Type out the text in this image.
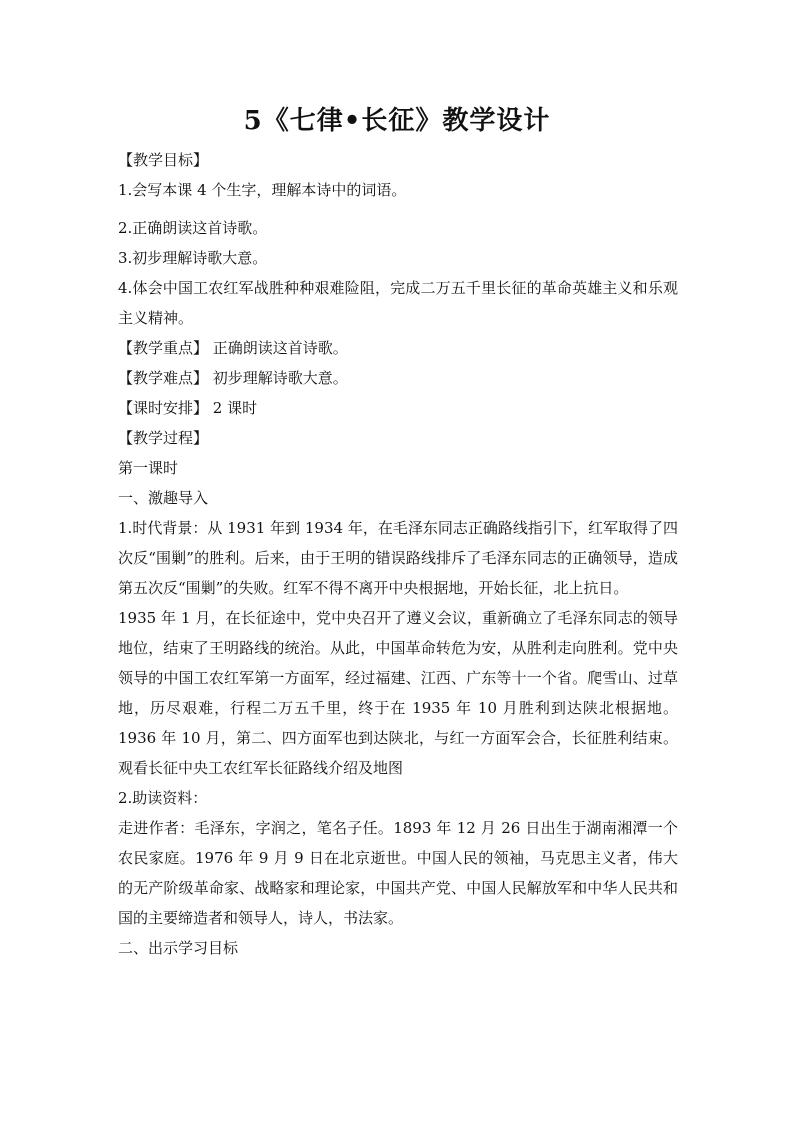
5《七律•长征》教学设计

【教学目标】

1.会写本课 4 个生字，理解本诗中的词语。

2.正确朗读这首诗歌。

3.初步理解诗歌大意。

4.体会中国工农红军战胜种种艰难险阻，完成二万五千里长征的革命英雄主义和乐观主义精神。

【教学重点】 正确朗读这首诗歌。

【教学难点】 初步理解诗歌大意。

【课时安排】 2 课时

【教学过程】

第一课时

一、激趣导入

1.时代背景：从 1931 年到 1934 年，在毛泽东同志正确路线指引下，红军取得了四次反“围剿”的胜利。后来，由于王明的错误路线排斥了毛泽东同志的正确领导，造成第五次反“围剿”的失败。红军不得不离开中央根据地，开始长征，北上抗日。

1935 年 1 月，在长征途中，党中央召开了遵义会议，重新确立了毛泽东同志的领导地位，结束了王明路线的统治。从此，中国革命转危为安，从胜利走向胜利。党中央领导的中国工农红军第一方面军，经过福建、江西、广东等十一个省。爬雪山、过草地，历尽艰难，行程二万五千里，终于在 1935 年 10 月胜利到达陕北根据地。1936 年 10 月，第二、四方面军也到达陕北，与红一方面军会合，长征胜利结束。 观看长征中央工农红军长征路线介绍及地图

2.助读资料：

走进作者：毛泽东，字润之，笔名子任。1893 年 12 月 26 日出生于湖南湘潭一个农民家庭。1976 年 9 月 9 日在北京逝世。中国人民的领袖，马克思主义者，伟大的无产阶级革命家、战略家和理论家，中国共产党、中国人民解放军和中华人民共和国的主要缔造者和领导人，诗人，书法家。

二、出示学习目标
